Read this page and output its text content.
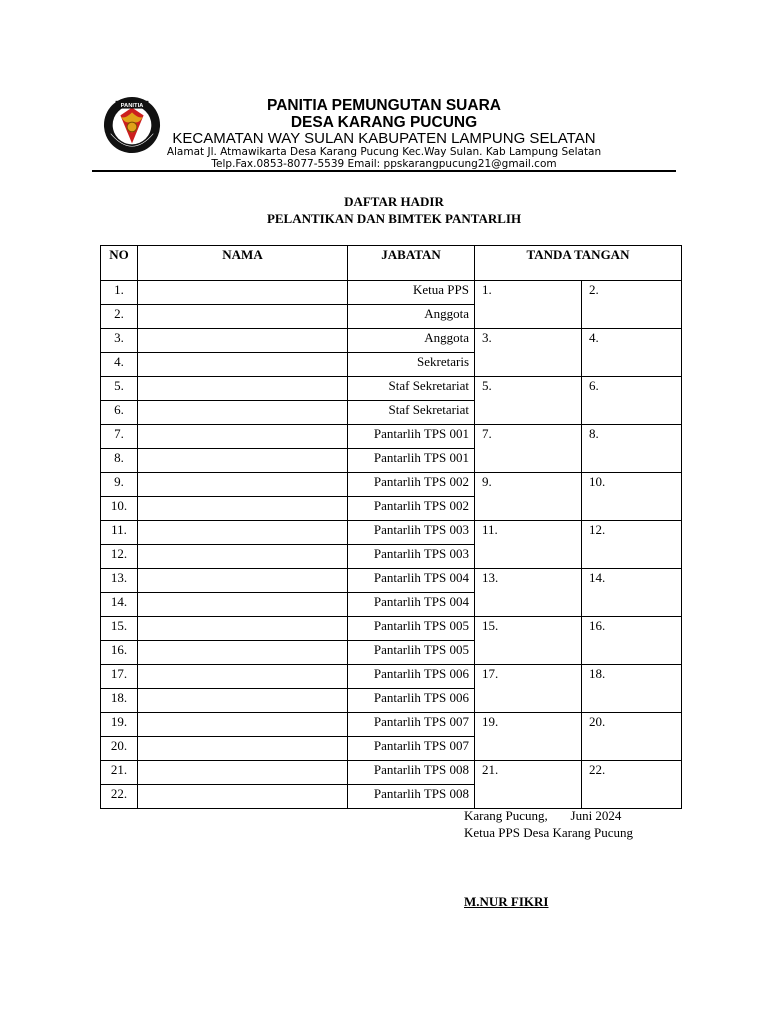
PANITIA	PANITIA PEMUNGUTAN SUARA
DESA KARANG PUCUNG
KECAMATAN WAY SULAN KABUPATEN LAMPUNG SELATAN
Alamat Jl. Atmawikarta Desa Karang Pucung Kec.Way Sulan. Kab Lampung Selatan
Telp.Fax.0853-8077-5539 Email: ppskarangpucung21@gmail.com
DAFTAR HADIR
PELANTIKAN DAN BIMTEK PANTARLIH
NO	NAMA	JABATAN	TANDA TANGAN	
1.		Ketua PPS	1.	2.
2.		Anggota		
3.		Anggota	3.	4.
4.		Sekretaris		
5.		Staf Sekretariat	5.	6.
6.		Staf Sekretariat		
7.		Pantarlih TPS 001	7.	8.
8.		Pantarlih TPS 001		
9.		Pantarlih TPS 002	9.	10.
10.		Pantarlih TPS 002		
11.		Pantarlih TPS 003	11.	12.
12.		Pantarlih TPS 003		
13.		Pantarlih TPS 004	13.	14.
14.		Pantarlih TPS 004		
15.		Pantarlih TPS 005	15.	16.
16.		Pantarlih TPS 005		
17.		Pantarlih TPS 006	17.	18.
18.		Pantarlih TPS 006		
19.		Pantarlih TPS 007	19.	20.
20.		Pantarlih TPS 007		
21.		Pantarlih TPS 008	21.	22.
22.		Pantarlih TPS 008		
Karang Pucung,       Juni 2024
Ketua PPS Desa Karang Pucung
M.NUR FIKRI
